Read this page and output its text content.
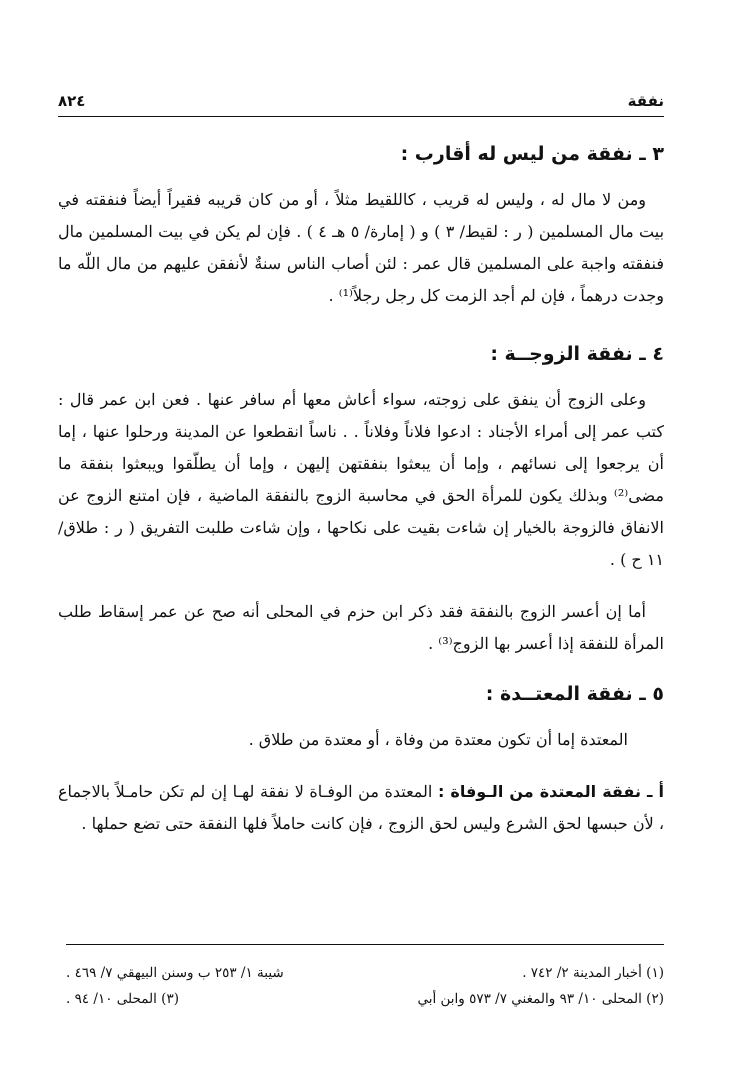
نفقة
٨٢٤
٣ ـ نفقة من ليس له أقارب :

ومن لا مال له ، وليس له قريب ، كاللقيط مثلاً ، أو من كان قريبه فقيراً أيضاً فنفقته في بيت مال المسلمين ( ر : لقيط/ ٣ ) و ( إمارة/ ٥ هـ ٤ ) . فإن لم يكن في بيت المسلمين مال فنفقته واجبة على المسلمين قال عمر : لئن أصاب الناس سنةٌ لأنفقن عليهم من مال اللّه ما وجدت درهماً ، فإن لم أجد الزمت كل رجل رجلاً⁽¹⁾ .

٤ ـ نفقة الزوجــة :

وعلى الزوج أن ينفق على زوجته، سواء أعاش معها أم سافر عنها . فعن ابن عمر قال : كتب عمر إلى أمراء الأجناد : ادعوا فلاناً وفلاناً . . ناساً انقطعوا عن المدينة ورحلوا عنها ، إما أن يرجعوا إلى نسائهم ، وإما أن يبعثوا بنفقتهن إليهن ، وإما أن يطلّقوا ويبعثوا بنفقة ما مضى⁽²⁾ وبذلك يكون للمرأة الحق في محاسبة الزوج بالنفقة الماضية ، فإن امتنع الزوج عن الانفاق فالزوجة بالخيار إن شاءت بقيت على نكاحها ، وإن شاءت طلبت التفريق ( ر : طلاق/ ١١ ح ) .

أما إن أعسر الزوج بالنفقة فقد ذكر ابن حزم في المحلى أنه صح عن عمر إسقاط طلب المرأة للنفقة إذا أعسر بها الزوج⁽³⁾ .

٥ ـ نفقة المعتــدة :

المعتدة إما أن تكون معتدة من وفاة ، أو معتدة من طلاق .

أ ـ نفقة المعتدة من الـوفاة : المعتدة من الوفـاة لا نفقة لهـا إن لم تكن حامـلاً بالاجماع ، لأن حبسها لحق الشرع وليس لحق الزوج ، فإن كانت حاملاً فلها النفقة حتى تضع حملها .

(١) أخبار المدينة ٢/ ٧٤٢ .
شيبة ١/ ٢٥٣ ب وسنن البيهقي ٧/ ٤٦٩ .
(٢) المحلى ١٠/ ٩٣ والمغني ٧/ ٥٧٣ وابن أبي
(٣) المحلى ١٠/ ٩٤ .
